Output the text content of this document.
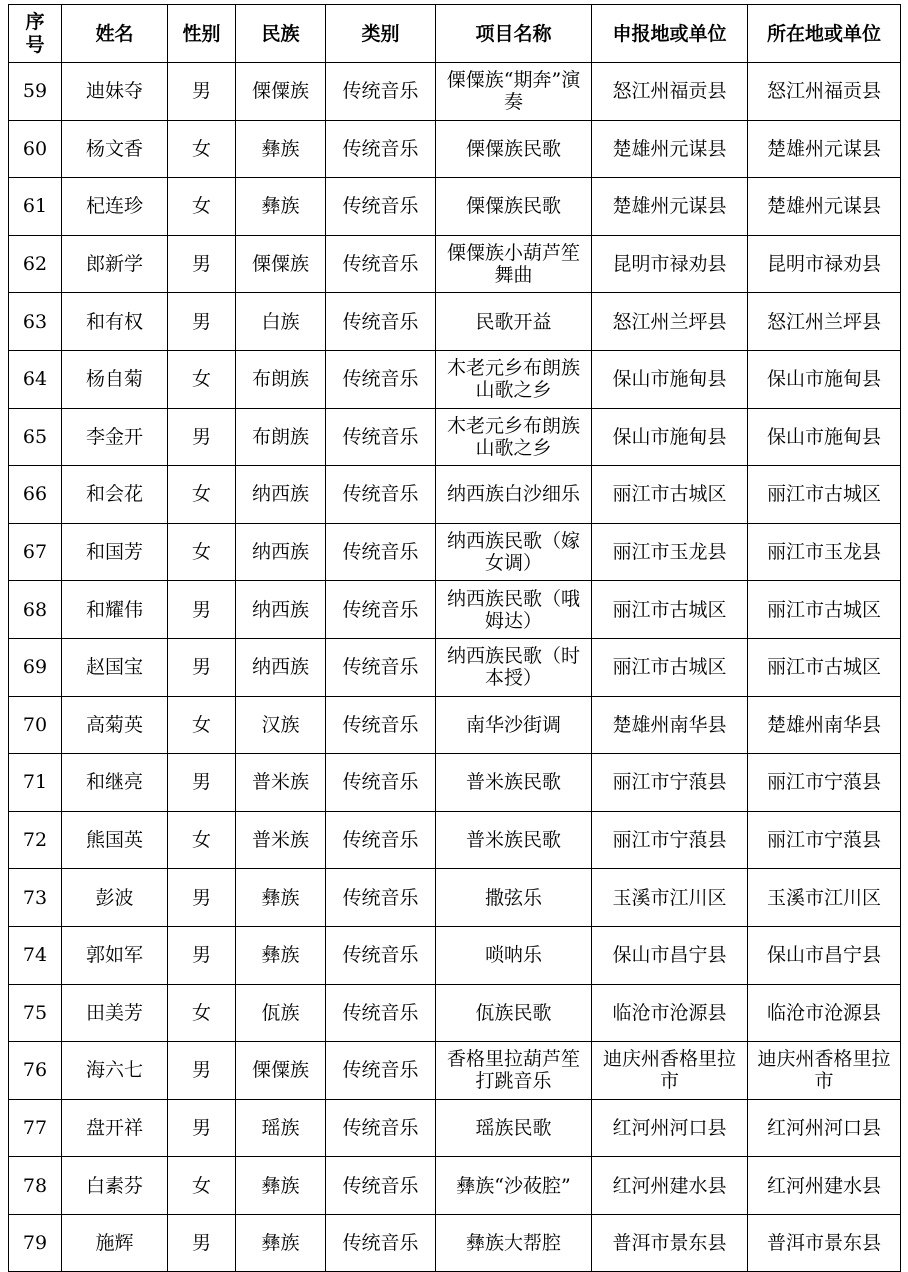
序号	姓名	性别	民族	类别	项目名称	申报地或单位	所在地或单位
59	迪妹夺	男	傈僳族	传统音乐	傈僳族“期奔”演奏	怒江州福贡县	怒江州福贡县
60	杨文香	女	彝族	传统音乐	傈僳族民歌	楚雄州元谋县	楚雄州元谋县
61	杞连珍	女	彝族	传统音乐	傈僳族民歌	楚雄州元谋县	楚雄州元谋县
62	郎新学	男	傈僳族	传统音乐	傈僳族小葫芦笙舞曲	昆明市禄劝县	昆明市禄劝县
63	和有权	男	白族	传统音乐	民歌开益	怒江州兰坪县	怒江州兰坪县
64	杨自菊	女	布朗族	传统音乐	木老元乡布朗族山歌之乡	保山市施甸县	保山市施甸县
65	李金开	男	布朗族	传统音乐	木老元乡布朗族山歌之乡	保山市施甸县	保山市施甸县
66	和会花	女	纳西族	传统音乐	纳西族白沙细乐	丽江市古城区	丽江市古城区
67	和国芳	女	纳西族	传统音乐	纳西族民歌（嫁女调）	丽江市玉龙县	丽江市玉龙县
68	和耀伟	男	纳西族	传统音乐	纳西族民歌（哦姆达）	丽江市古城区	丽江市古城区
69	赵国宝	男	纳西族	传统音乐	纳西族民歌（时本授）	丽江市古城区	丽江市古城区
70	高菊英	女	汉族	传统音乐	南华沙街调	楚雄州南华县	楚雄州南华县
71	和继亮	男	普米族	传统音乐	普米族民歌	丽江市宁蒗县	丽江市宁蒗县
72	熊国英	女	普米族	传统音乐	普米族民歌	丽江市宁蒗县	丽江市宁蒗县
73	彭波	男	彝族	传统音乐	撒弦乐	玉溪市江川区	玉溪市江川区
74	郭如军	男	彝族	传统音乐	唢呐乐	保山市昌宁县	保山市昌宁县
75	田美芳	女	佤族	传统音乐	佤族民歌	临沧市沧源县	临沧市沧源县
76	海六七	男	傈僳族	传统音乐	香格里拉葫芦笙打跳音乐	迪庆州香格里拉市	迪庆州香格里拉市
77	盘开祥	男	瑶族	传统音乐	瑶族民歌	红河州河口县	红河州河口县
78	白素芬	女	彝族	传统音乐	彝族“沙莜腔”	红河州建水县	红河州建水县
79	施辉	男	彝族	传统音乐	彝族大帮腔	普洱市景东县	普洱市景东县
